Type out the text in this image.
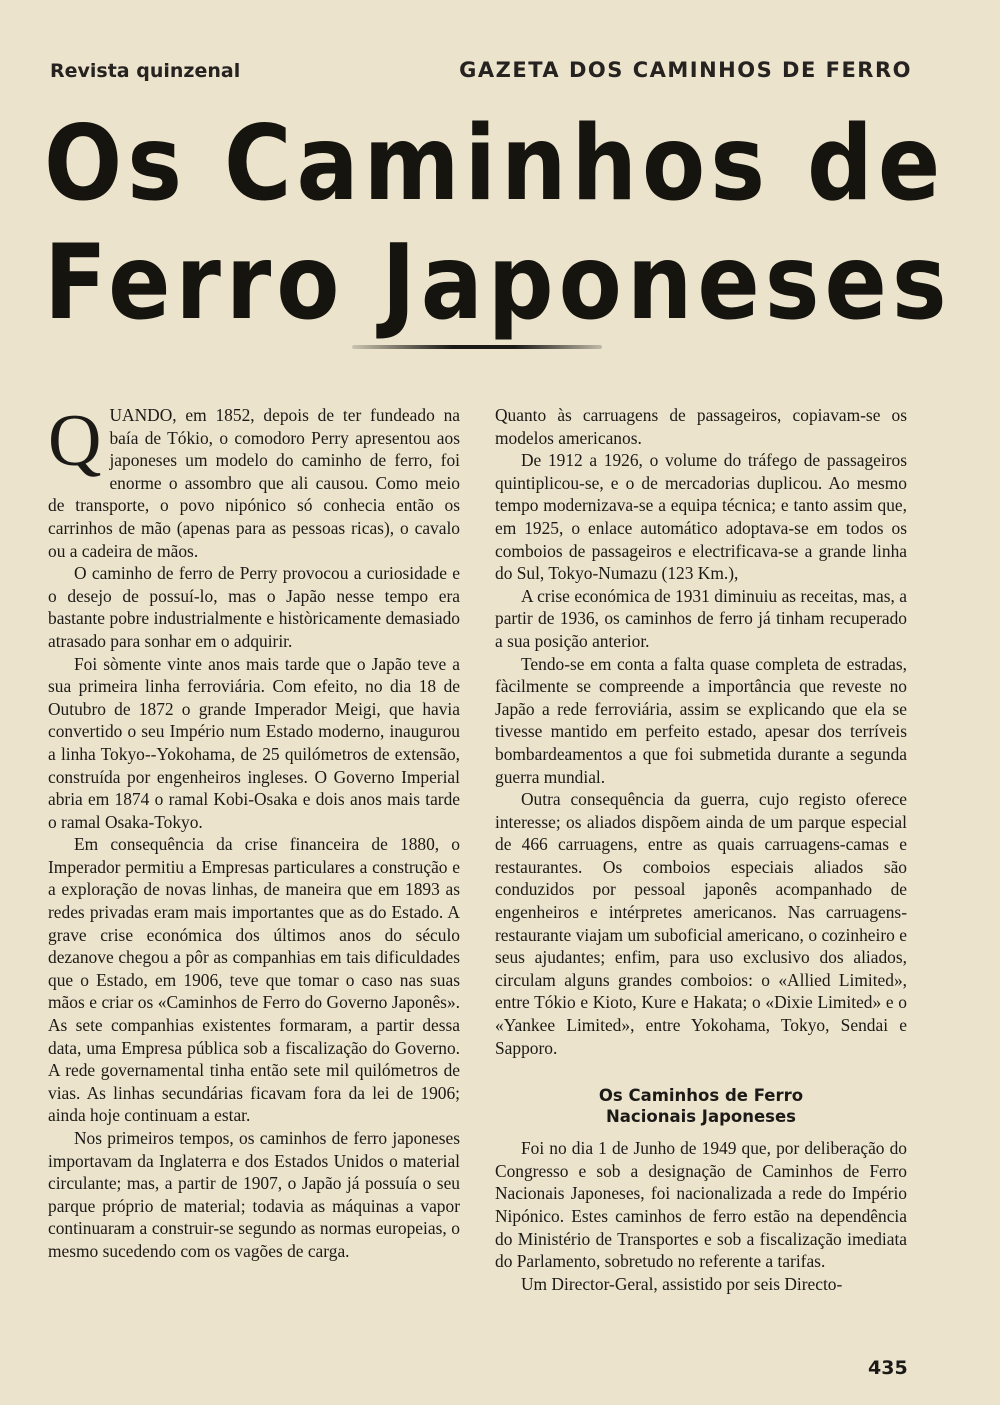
Revista quinzenal	GAZETA DOS CAMINHOS DE FERRO
Os Caminhos de
Ferro Japoneses

QUANDO, em 1852, depois de ter fundeado na baía de Tókio, o comodoro Perry apresentou aos japoneses um modelo do caminho de ferro, foi enorme o assombro que ali causou. Como meio de transporte, o povo nipónico só conhecia então os carrinhos de mão (apenas para as pessoas ricas), o cavalo ou a cadeira de mãos.

O caminho de ferro de Perry provocou a curiosidade e o desejo de possuí-lo, mas o Japão nesse tempo era bastante pobre industrialmente e històricamente demasiado atrasado para sonhar em o adquirir.

Foi sòmente vinte anos mais tarde que o Japão teve a sua primeira linha ferroviária. Com efeito, no dia 18 de Outubro de 1872 o grande Imperador Meigi, que havia convertido o seu Império num Estado moderno, inaugurou a linha Tokyo--Yokohama, de 25 quilómetros de extensão, construída por engenheiros ingleses. O Governo Imperial abria em 1874 o ramal Kobi-Osaka e dois anos mais tarde o ramal Osaka-Tokyo.

Em consequência da crise financeira de 1880, o Imperador permitiu a Empresas particulares a construção e a exploração de novas linhas, de maneira que em 1893 as redes privadas eram mais importantes que as do Estado. A grave crise económica dos últimos anos do século dezanove chegou a pôr as companhias em tais dificuldades que o Estado, em 1906, teve que tomar o caso nas suas mãos e criar os «Caminhos de Ferro do Governo Japonês». As sete companhias existentes formaram, a partir dessa data, uma Empresa pública sob a fiscalização do Governo. A rede governamental tinha então sete mil quilómetros de vias. As linhas secundárias ficavam fora da lei de 1906; ainda hoje continuam a estar.

Nos primeiros tempos, os caminhos de ferro japoneses importavam da Inglaterra e dos Estados Unidos o material circulante; mas, a partir de 1907, o Japão já possuía o seu parque próprio de material; todavia as máquinas a vapor continuaram a construir-se segundo as normas europeias, o mesmo sucedendo com os vagões de carga.

Quanto às carruagens de passageiros, copiavam-se os modelos americanos.

De 1912 a 1926, o volume do tráfego de passageiros quintiplicou-se, e o de mercadorias duplicou. Ao mesmo tempo modernizava-se a equipa técnica; e tanto assim que, em 1925, o enlace automático adoptava-se em todos os comboios de passageiros e electrificava-se a grande linha do Sul, Tokyo-Numazu (123 Km.),

A crise económica de 1931 diminuiu as receitas, mas, a partir de 1936, os caminhos de ferro já tinham recuperado a sua posição anterior.

Tendo-se em conta a falta quase completa de estradas, fàcilmente se compreende a importância que reveste no Japão a rede ferroviária, assim se explicando que ela se tivesse mantido em perfeito estado, apesar dos terríveis bombardeamentos a que foi submetida durante a segunda guerra mundial.

Outra consequência da guerra, cujo registo oferece interesse; os aliados dispõem ainda de um parque especial de 466 carruagens, entre as quais carruagens-camas e restaurantes. Os comboios especiais aliados são conduzidos por pessoal japonês acompanhado de engenheiros e intérpretes americanos. Nas carruagens-restaurante viajam um suboficial americano, o cozinheiro e seus ajudantes; enfim, para uso exclusivo dos aliados, circulam alguns grandes comboios: o «Allied Limited», entre Tókio e Kioto, Kure e Hakata; o «Dixie Limited» e o «Yankee Limited», entre Yokohama, Tokyo, Sendai e Sapporo.

Os Caminhos de Ferro
Nacionais Japoneses

Foi no dia 1 de Junho de 1949 que, por deliberação do Congresso e sob a designação de Caminhos de Ferro Nacionais Japoneses, foi nacionalizada a rede do Império Nipónico. Estes caminhos de ferro estão na dependência do Ministério de Transportes e sob a fiscalização imediata do Parlamento, sobretudo no referente a tarifas.

Um Director-Geral, assistido por seis Directo-

435
